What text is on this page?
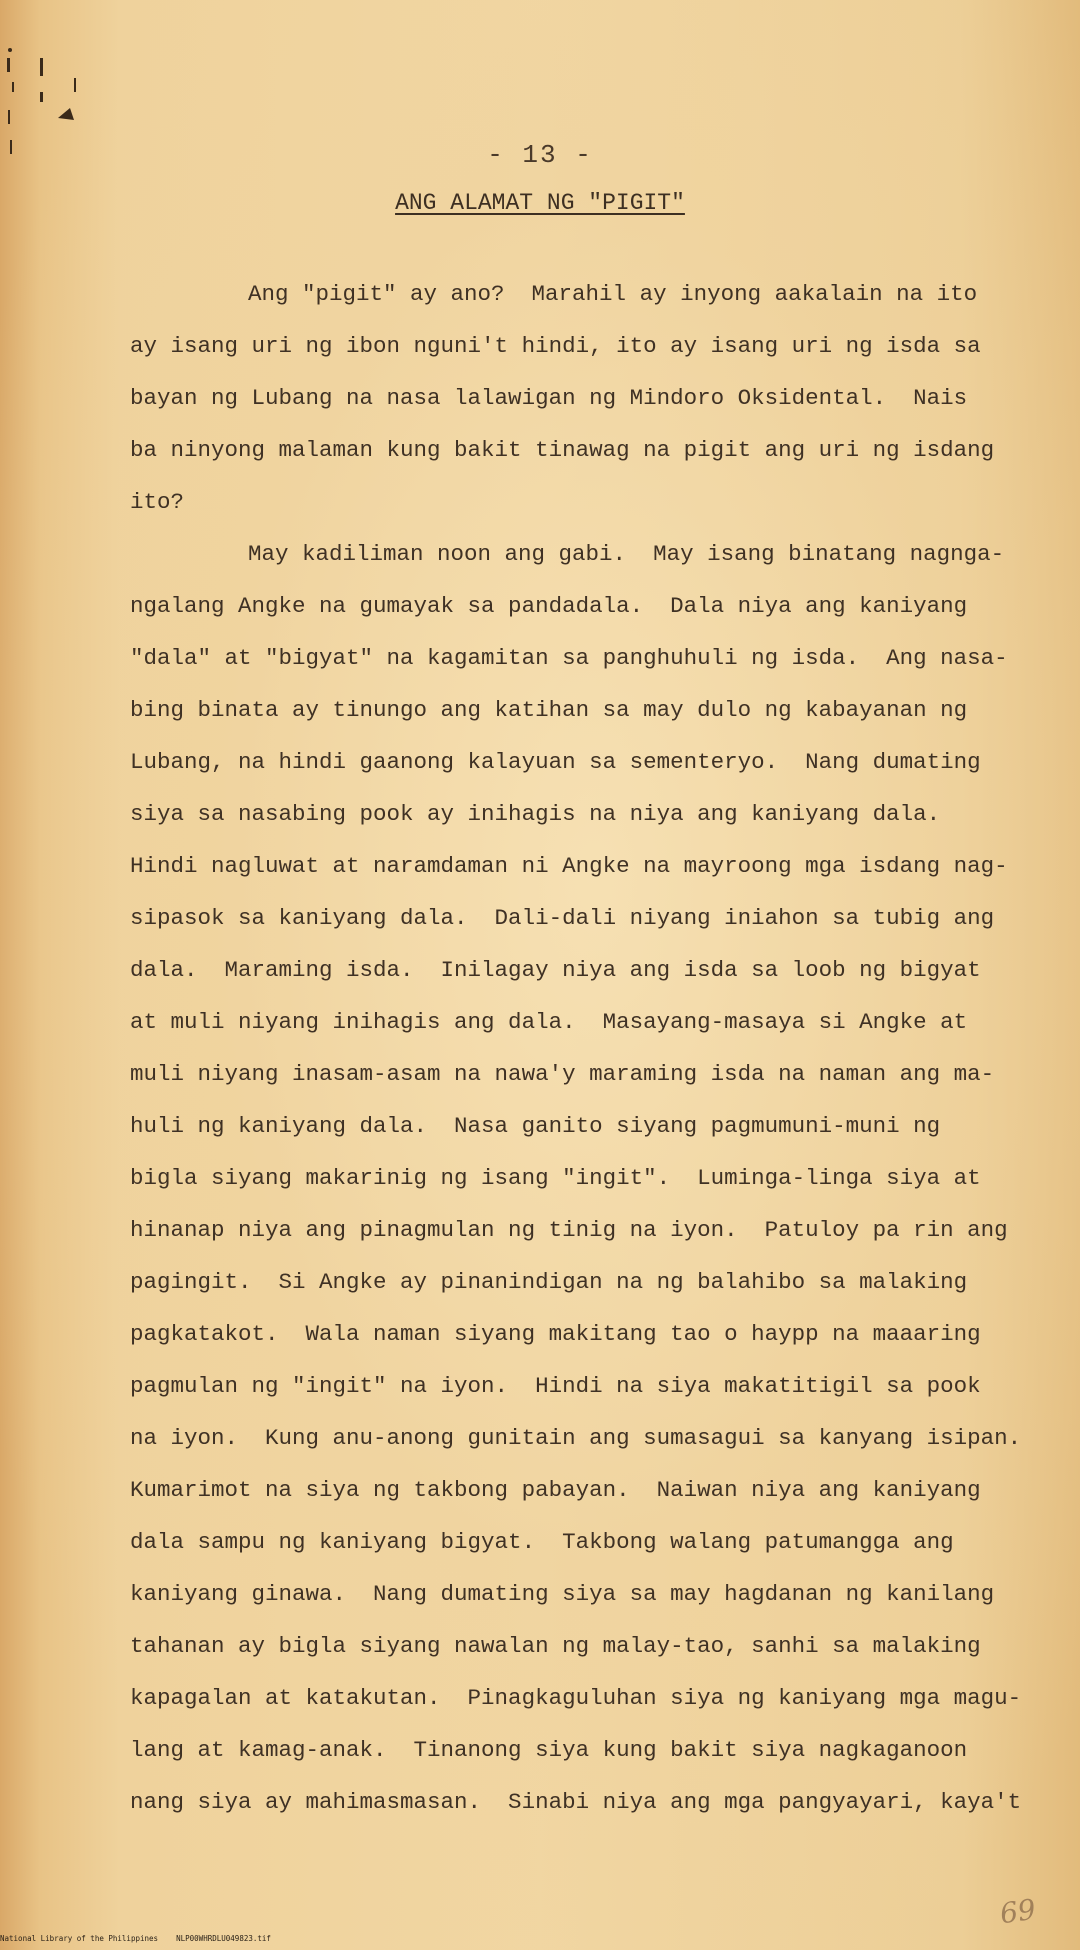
- 13 -
ANG ALAMAT NG "PIGIT"
Ang "pigit" ay ano?  Marahil ay inyong aakalain na ito
ay isang uri ng ibon nguni't hindi, ito ay isang uri ng isda sa
bayan ng Lubang na nasa lalawigan ng Mindoro Oksidental.  Nais
ba ninyong malaman kung bakit tinawag na pigit ang uri ng isdang
ito?
May kadiliman noon ang gabi.  May isang binatang nagnga-
ngalang Angke na gumayak sa pandadala.  Dala niya ang kaniyang
"dala" at "bigyat" na kagamitan sa panghuhuli ng isda.  Ang nasa-
bing binata ay tinungo ang katihan sa may dulo ng kabayanan ng
Lubang, na hindi gaanong kalayuan sa sementeryo.  Nang dumating
siya sa nasabing pook ay inihagis na niya ang kaniyang dala.
Hindi nagluwat at naramdaman ni Angke na mayroong mga isdang nag-
sipasok sa kaniyang dala.  Dali-dali niyang iniahon sa tubig ang
dala.  Maraming isda.  Inilagay niya ang isda sa loob ng bigyat
at muli niyang inihagis ang dala.  Masayang-masaya si Angke at
muli niyang inasam-asam na nawa'y maraming isda na naman ang ma-
huli ng kaniyang dala.  Nasa ganito siyang pagmumuni-muni ng
bigla siyang makarinig ng isang "ingit".  Luminga-linga siya at
hinanap niya ang pinagmulan ng tinig na iyon.  Patuloy pa rin ang
pagingit.  Si Angke ay pinanindigan na ng balahibo sa malaking
pagkatakot.  Wala naman siyang makitang tao o haypp na maaaring
pagmulan ng "ingit" na iyon.  Hindi na siya makatitigil sa pook
na iyon.  Kung anu-anong gunitain ang sumasagui sa kanyang isipan.
Kumarimot na siya ng takbong pabayan.  Naiwan niya ang kaniyang
dala sampu ng kaniyang bigyat.  Takbong walang patumangga ang
kaniyang ginawa.  Nang dumating siya sa may hagdanan ng kanilang
tahanan ay bigla siyang nawalan ng malay-tao, sanhi sa malaking
kapagalan at katakutan.  Pinagkaguluhan siya ng kaniyang mga magu-
lang at kamag-anak.  Tinanong siya kung bakit siya nagkaganoon
nang siya ay mahimasmasan.  Sinabi niya ang mga pangyayari, kaya't
69
National Library of the Philippines    NLP00WHRDLU049823.tif
